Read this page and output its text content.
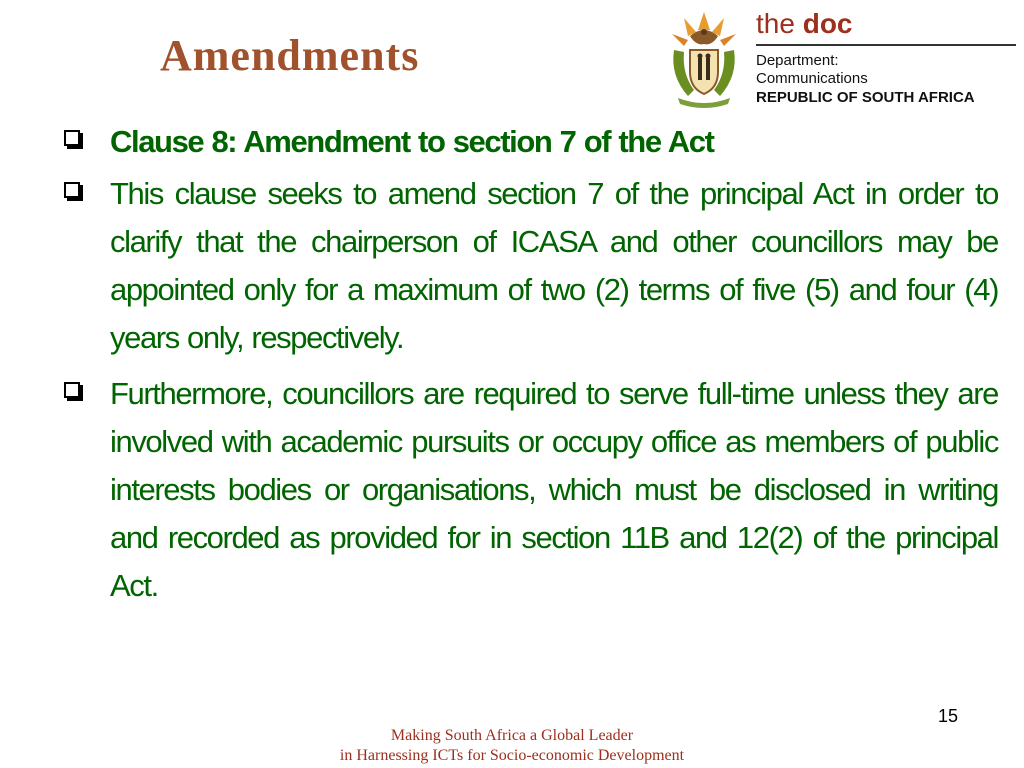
Amendments
the doc
Department:
Communications
REPUBLIC OF SOUTH AFRICA
Clause 8: Amendment to section 7 of the Act
This clause seeks to amend section 7 of the principal Act in order to clarify that the chairperson of ICASA and other councillors may be appointed only for a maximum of two (2) terms of five (5) and four (4) years only, respectively.
Furthermore, councillors are required to serve full-time unless they are involved with academic pursuits or occupy office as members of public interests bodies or organisations, which must be disclosed in writing and recorded as provided for in section 11B and 12(2) of the principal Act.
15
Making South Africa a Global Leader
in Harnessing ICTs for Socio-economic Development
